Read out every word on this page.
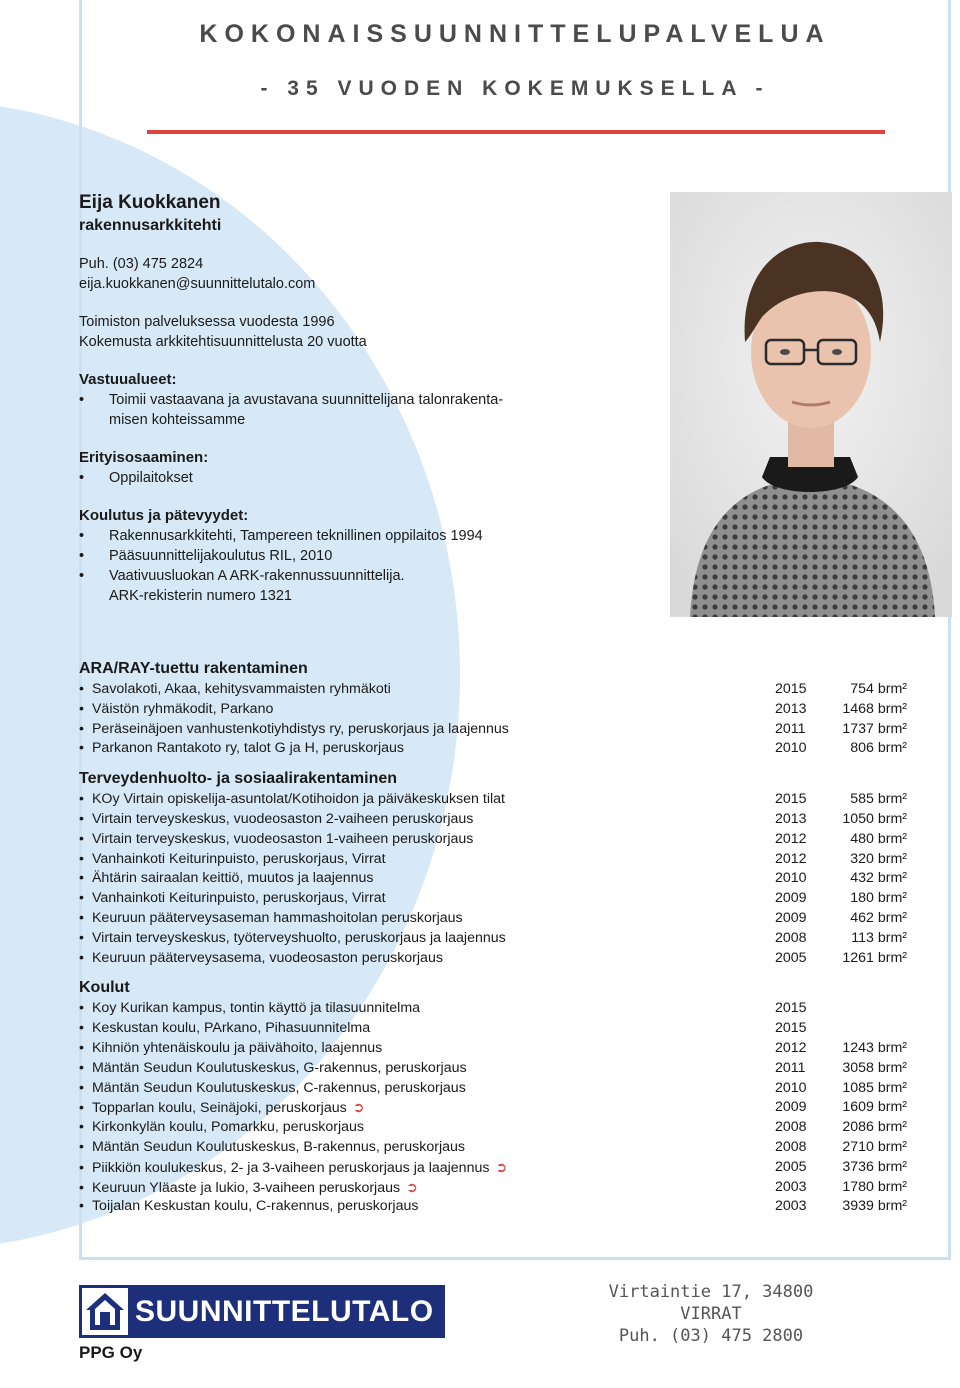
KOKONAISSUUNNITTELUPALVELUA
- 35 VUODEN KOKEMUKSELLA -
Eija Kuokkanen
rakennusarkkitehti
Puh. (03) 475 2824
eija.kuokkanen@suunnittelutalo.com
Toimiston palveluksessa vuodesta 1996
Kokemusta arkkitehtisuunnittelusta 20 vuotta
Vastuualueet:
• Toimii vastaavana ja avustavana suunnittelijana talonrakenta-
misen kohteissamme
Erityisosaaminen:
• Oppilaitokset
Koulutus ja pätevyydet:
• Rakennusarkkitehti, Tampereen teknillinen oppilaitos 1994
• Pääsuunnittelijakoulutus RIL, 2010
• Vaativuusluokan A ARK-rakennussuunnittelija.
ARK-rekisterin numero 1321
ARA/RAY-tuettu rakentaminen
• Savolakoti, Akaa, kehitysvammaisten ryhmäkoti	2015	754 brm²
• Väistön ryhmäkodit, Parkano	2013	1468 brm²
• Peräseinäjoen vanhustenkotiyhdistys ry, peruskorjaus ja laajennus	2011	1737 brm²
• Parkanon Rantakoto ry, talot G ja H, peruskorjaus	2010	806 brm²
Terveydenhuolto- ja sosiaalirakentaminen
• KOy Virtain opiskelija-asuntolat/Kotihoidon ja päiväkeskuksen tilat	2015	585 brm²
• Virtain terveyskeskus, vuodeosaston 2-vaiheen peruskorjaus	2013	1050 brm²
• Virtain terveyskeskus, vuodeosaston 1-vaiheen peruskorjaus	2012	480 brm²
• Vanhainkoti Keiturinpuisto, peruskorjaus, Virrat	2012	320 brm²
• Ähtärin sairaalan keittiö, muutos ja laajennus	2010	432 brm²
• Vanhainkoti Keiturinpuisto, peruskorjaus, Virrat	2009	180 brm²
• Keuruun pääterveysaseman hammashoitolan peruskorjaus	2009	462 brm²
• Virtain terveyskeskus, työterveyshuolto, peruskorjaus ja laajennus	2008	113 brm²
• Keuruun pääterveysasema, vuodeosaston peruskorjaus	2005	1261 brm²
Koulut
• Koy Kurikan kampus, tontin käyttö ja tilasuunnitelma	2015
• Keskustan koulu, PArkano, Pihasuunnitelma	2015
• Kihniön yhtenäiskoulu ja päivähoito, laajennus	2012	1243 brm²
• Mäntän Seudun Koulutuskeskus, G-rakennus, peruskorjaus	2011	3058 brm²
• Mäntän Seudun Koulutuskeskus, C-rakennus, peruskorjaus	2010	1085 brm²
• Topparlan koulu, Seinäjoki, peruskorjaus ➲	2009	1609 brm²
• Kirkonkylän koulu, Pomarkku, peruskorjaus	2008	2086 brm²
• Mäntän Seudun Koulutuskeskus, B-rakennus, peruskorjaus	2008	2710 brm²
• Piikkiön koulukeskus, 2- ja 3-vaiheen peruskorjaus ja laajennus ➲	2005	3736 brm²
• Keuruun Yläaste ja lukio, 3-vaiheen peruskorjaus ➲	2003	1780 brm²
• Toijalan Keskustan koulu, C-rakennus, peruskorjaus	2003	3939 brm²
SUUNNITTELUTALO
PPG Oy
Virtaintie 17, 34800 VIRRAT
Puh. (03) 475 2800
